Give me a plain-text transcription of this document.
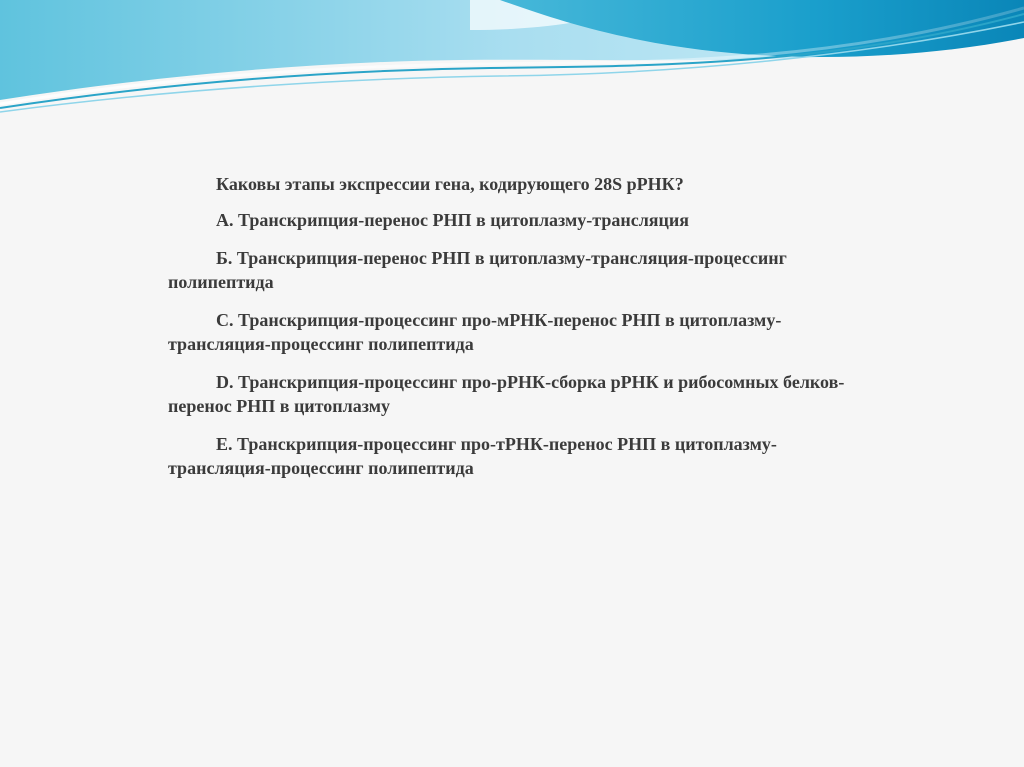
Каковы этапы экспрессии гена, кодирующего 28S рРНК?

А. Транскрипция-перенос РНП в цитоплазму-трансляция

Б. Транскрипция-перенос РНП в цитоплазму-трансляция-процессинг полипептида

С. Транскрипция-процессинг про-мРНК-перенос РНП в цитоплазму-трансляция-процессинг полипептида

D. Транскрипция-процессинг про-рРНК-сборка рРНК и рибосомных белков-перенос РНП в цитоплазму

E. Транскрипция-процессинг про-тРНК-перенос РНП в цитоплазму-трансляция-процессинг полипептида
